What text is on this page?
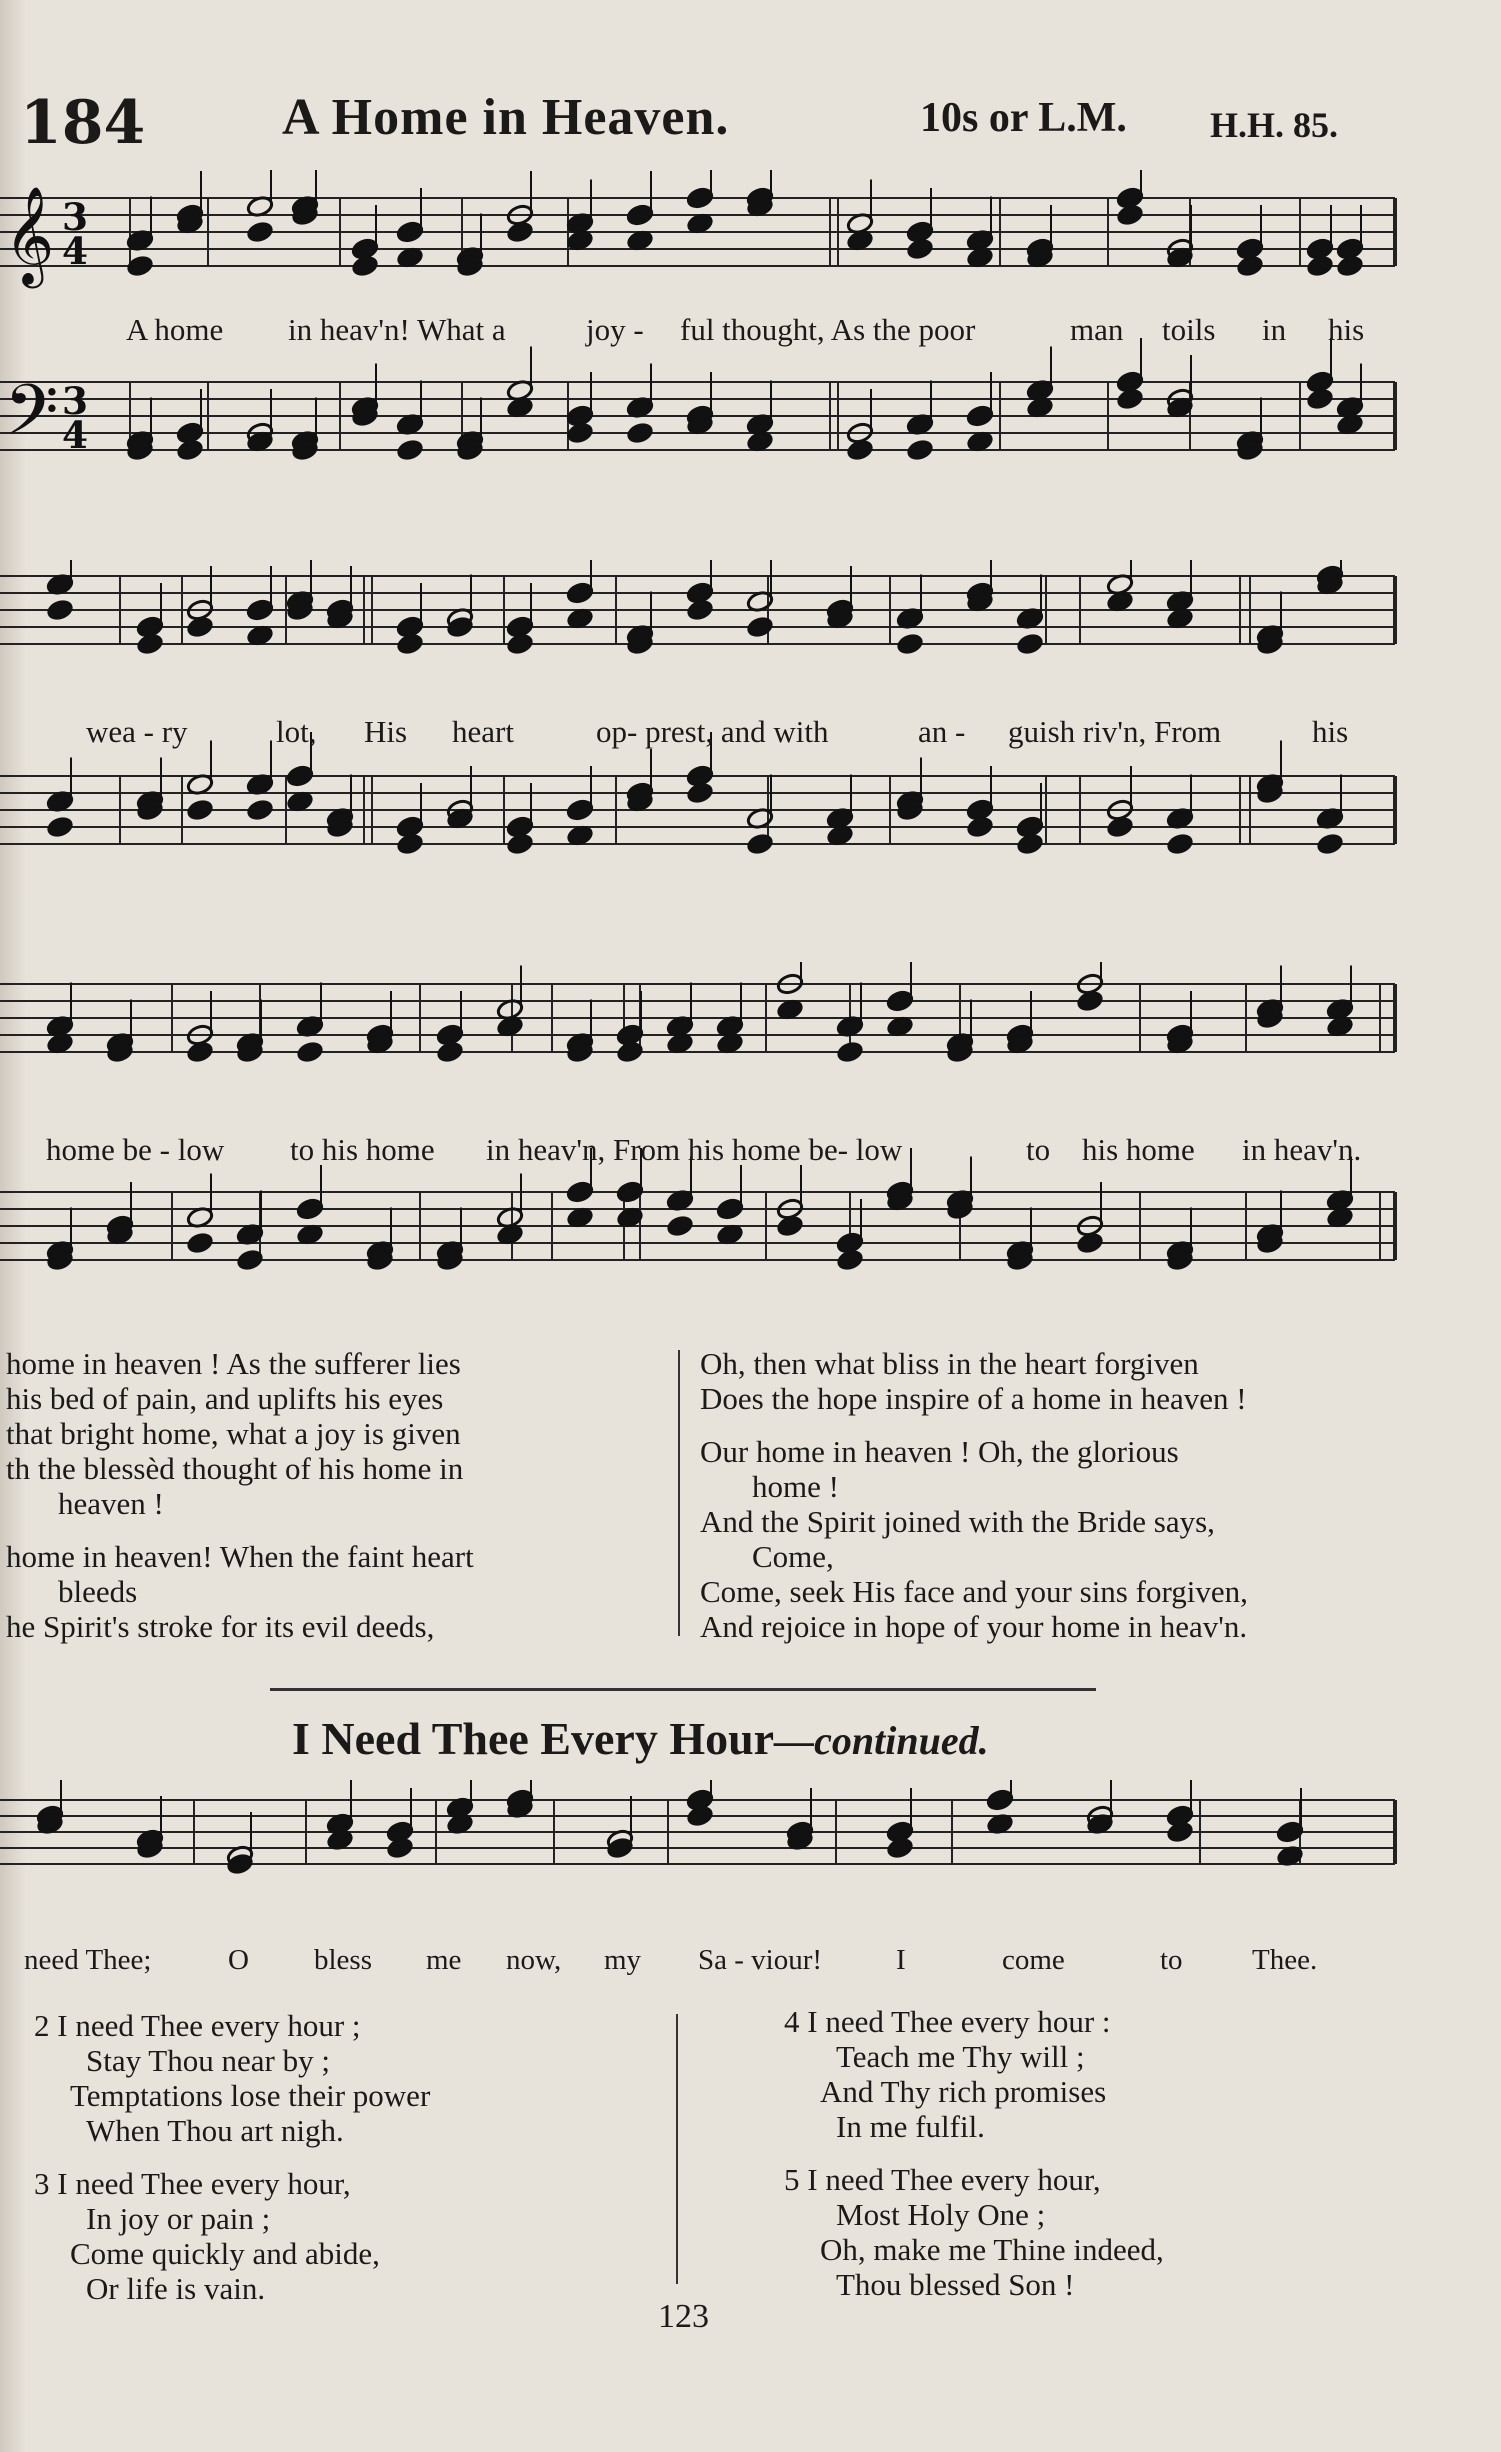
184	A Home in Heaven.	10s or L.M. H.H. 85.
𝄞 3
4
𝄢 3
4
A home in heav'n! What a	joy - ful thought, As the poor	man toils in his
wea - ry	lot, His heart	op- prest, and with	an - guish riv'n, From	his
home be - low to his home in heav'n, From his home be- low	to his home in heav'n.

home in heaven ! As the sufferer lies

his bed of pain, and uplifts his eyes

that bright home, what a joy is given

th the blessèd thought of his home in

heaven !

home in heaven! When the faint heart

bleeds

he Spirit's stroke for its evil deeds,

Oh, then what bliss in the heart forgiven

Does the hope inspire of a home in heaven !

Our home in heaven ! Oh, the glorious

home !

And the Spirit joined with the Bride says,

Come,

Come, seek His face and your sins forgiven,

And rejoice in hope of your home in heav'n.

I Need Thee Every Hour—continued.
need Thee;	O bless me now, my Sa - viour!	I	come	to Thee.

2 I need Thee every hour ;

Stay Thou near by ;

Temptations lose their power

When Thou art nigh.

3 I need Thee every hour,

In joy or pain ;

Come quickly and abide,

Or life is vain.

4 I need Thee every hour :

Teach me Thy will ;

And Thy rich promises

In me fulfil.

5 I need Thee every hour,

Most Holy One ;

Oh, make me Thine indeed,

Thou blessed Son !

123
